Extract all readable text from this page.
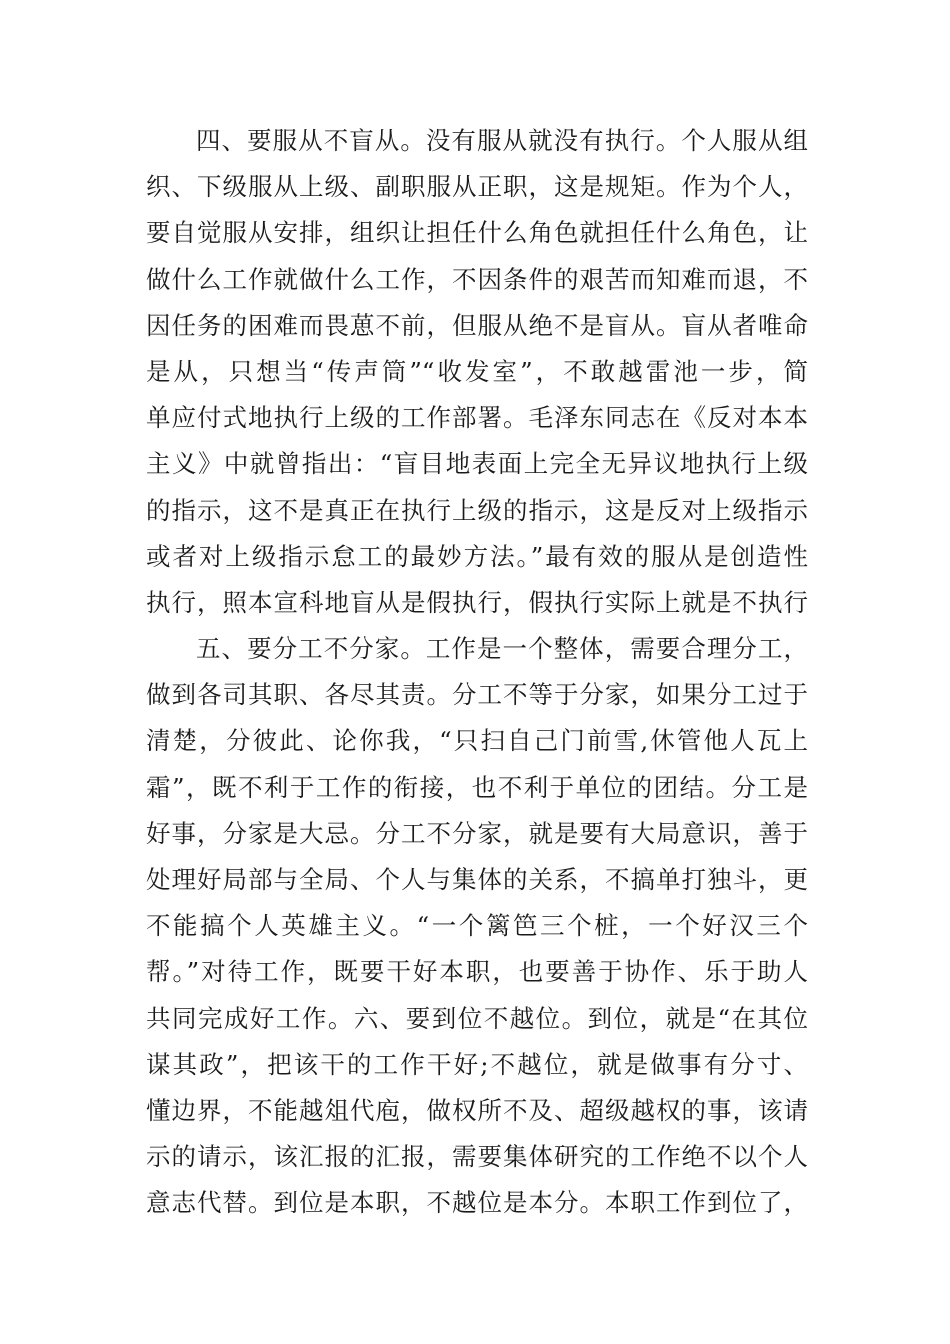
四、要服从不盲从。没有服从就没有执行。个人服从组
织、下级服从上级、副职服从正职，这是规矩。作为个人，
要自觉服从安排，组织让担任什么角色就担任什么角色，让
做什么工作就做什么工作，不因条件的艰苦而知难而退，不
因任务的困难而畏葸不前，但服从绝不是盲从。盲从者唯命
是从，只想当“传声筒”“收发室”，不敢越雷池一步，简
单应付式地执行上级的工作部署。毛泽东同志在《反对本本
主义》中就曾指出：“盲目地表面上完全无异议地执行上级
的指示，这不是真正在执行上级的指示，这是反对上级指示
或者对上级指示怠工的最妙方法。”最有效的服从是创造性
执行，照本宣科地盲从是假执行，假执行实际上就是不执行
五、要分工不分家。工作是一个整体，需要合理分工，
做到各司其职、各尽其责。分工不等于分家，如果分工过于
清楚，分彼此、论你我，“只扫自己门前雪,休管他人瓦上
霜”，既不利于工作的衔接，也不利于单位的团结。分工是
好事，分家是大忌。分工不分家，就是要有大局意识，善于
处理好局部与全局、个人与集体的关系，不搞单打独斗，更
不能搞个人英雄主义。“一个篱笆三个桩，一个好汉三个
帮。”对待工作，既要干好本职，也要善于协作、乐于助人
共同完成好工作。六、要到位不越位。到位，就是“在其位
谋其政”，把该干的工作干好;不越位，就是做事有分寸、
懂边界，不能越俎代庖，做权所不及、超级越权的事，该请
示的请示，该汇报的汇报，需要集体研究的工作绝不以个人
意志代替。到位是本职，不越位是本分。本职工作到位了，
